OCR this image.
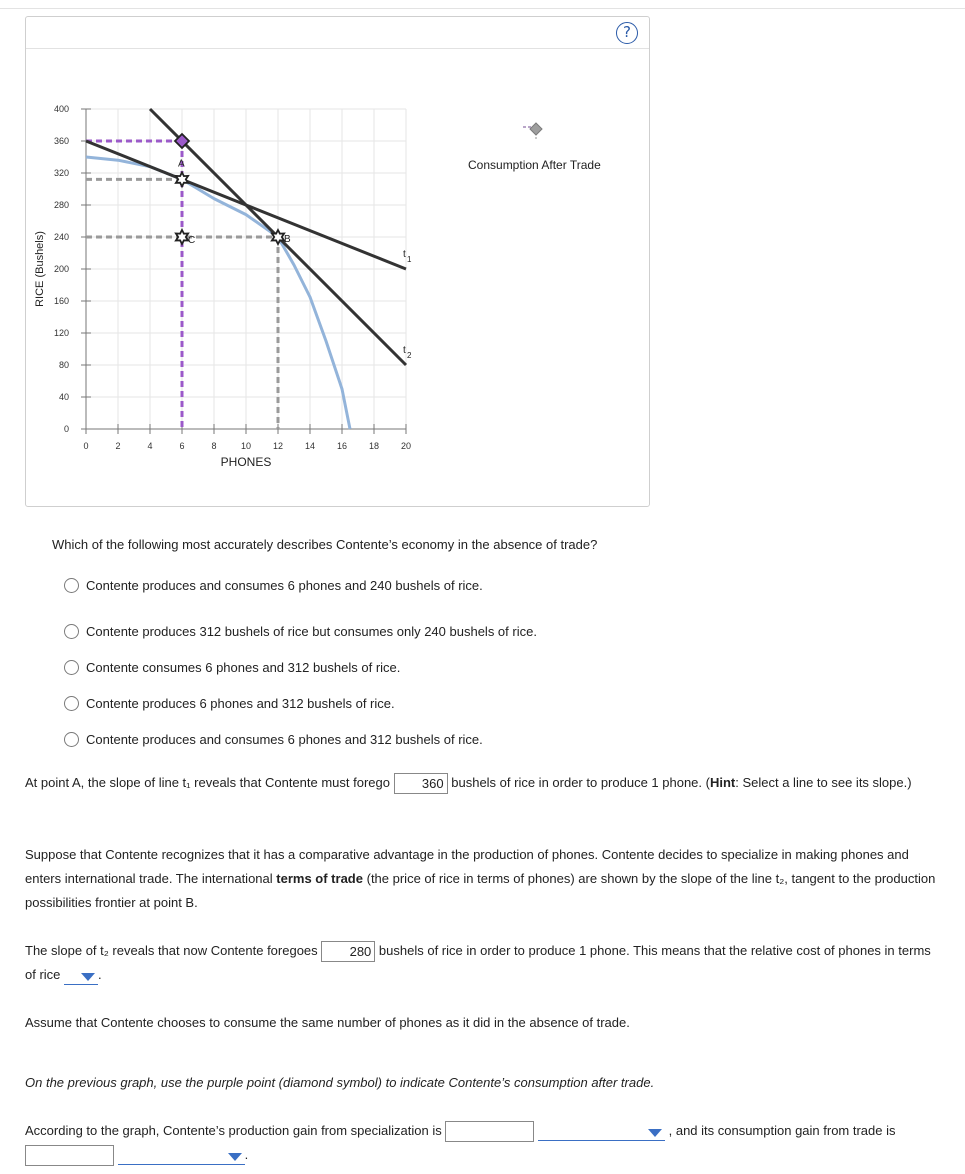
?
0	2	4	6	8	10 12 14 16 18 20
0
40
80
120
160
200
240
280
320
360
400
PHONES
RICE (Bushels)	t 1
t 2
A
C	B
Consumption After Trade
Which of the following most accurately describes Contente’s economy in the absence of trade?
Contente produces and consumes 6 phones and 240 bushels of rice.
Contente produces 312 bushels of rice but consumes only 240 bushels of rice.
Contente consumes 6 phones and 312 bushels of rice.
Contente produces 6 phones and 312 bushels of rice.
Contente produces and consumes 6 phones and 312 bushels of rice.
At point A, the slope of line t₁ reveals that Contente must forego 360 bushels of rice in order to produce 1 phone. (Hint: Select a line to see its slope.)
Suppose that Contente recognizes that it has a comparative advantage in the production of phones. Contente decides to specialize in making phones and enters international trade. The international terms of trade (the price of rice in terms of phones) are shown by the slope of the line t₂, tangent to the production possibilities frontier at point B.
The slope of t₂ reveals that now Contente foregoes 280 bushels of rice in order to produce 1 phone. This means that the relative cost of phones in terms of rice	.
Assume that Contente chooses to consume the same number of phones as it did in the absence of trade.
On the previous graph, use the purple point (diamond symbol) to indicate Contente’s consumption after trade.
According to the graph, Contente’s production gain from specialization is	, and its consumption gain from trade is
.
